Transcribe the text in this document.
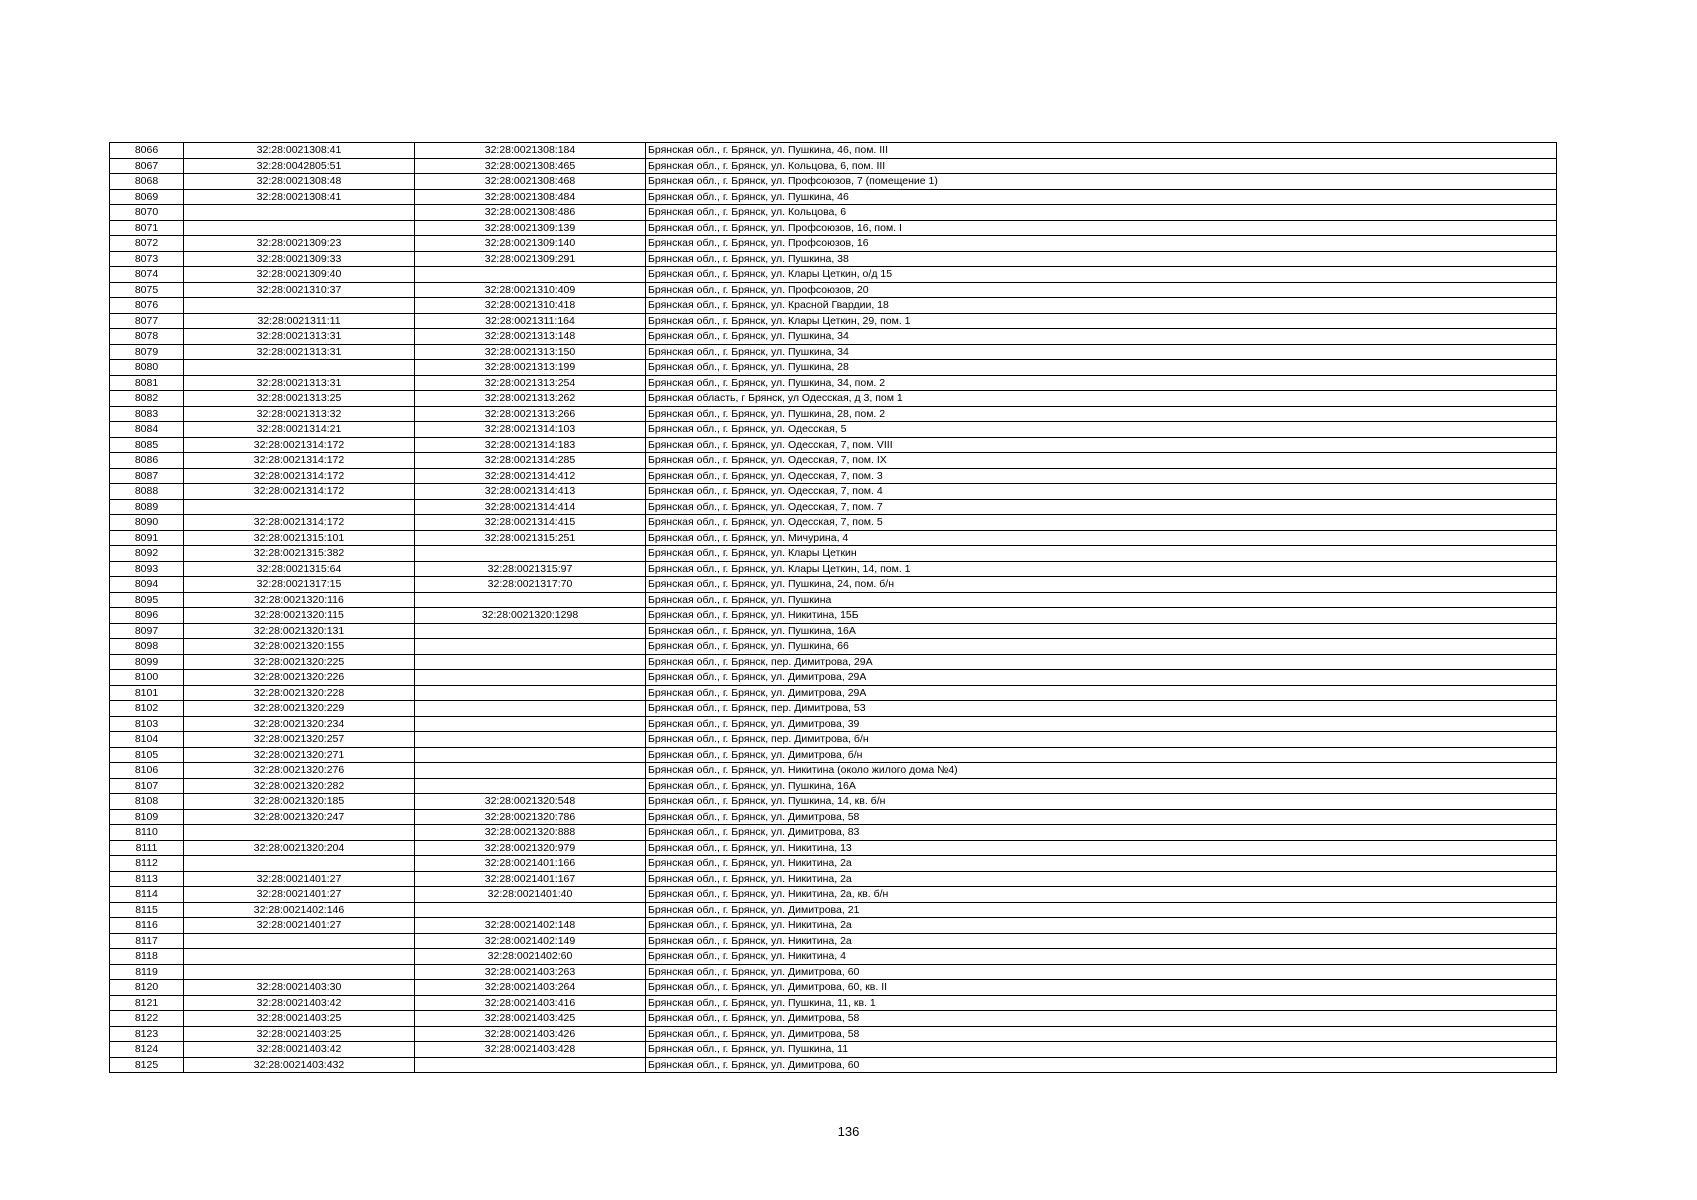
8066	32:28:0021308:41	32:28:0021308:184	Брянская обл., г. Брянск, ул. Пушкина, 46, пом. III
8067	32:28:0042805:51	32:28:0021308:465	Брянская обл., г. Брянск, ул. Кольцова, 6, пом. III
8068	32:28:0021308:48	32:28:0021308:468	Брянская обл., г. Брянск, ул. Профсоюзов, 7 (помещение 1)
8069	32:28:0021308:41	32:28:0021308:484	Брянская обл., г. Брянск, ул. Пушкина, 46
8070		32:28:0021308:486	Брянская обл., г. Брянск, ул. Кольцова, 6
8071		32:28:0021309:139	Брянская обл., г. Брянск, ул. Профсоюзов, 16, пом. I
8072	32:28:0021309:23	32:28:0021309:140	Брянская обл., г. Брянск, ул. Профсоюзов, 16
8073	32:28:0021309:33	32:28:0021309:291	Брянская обл., г. Брянск, ул. Пушкина, 38
8074	32:28:0021309:40		Брянская обл., г. Брянск, ул. Клары Цеткин, о/д 15
8075	32:28:0021310:37	32:28:0021310:409	Брянская обл., г. Брянск, ул. Профсоюзов, 20
8076		32:28:0021310:418	Брянская обл., г. Брянск, ул. Красной Гвардии, 18
8077	32:28:0021311:11	32:28:0021311:164	Брянская обл., г. Брянск, ул. Клары Цеткин, 29, пом. 1
8078	32:28:0021313:31	32:28:0021313:148	Брянская обл., г. Брянск, ул. Пушкина, 34
8079	32:28:0021313:31	32:28:0021313:150	Брянская обл., г. Брянск, ул. Пушкина, 34
8080		32:28:0021313:199	Брянская обл., г. Брянск, ул. Пушкина, 28
8081	32:28:0021313:31	32:28:0021313:254	Брянская обл., г. Брянск, ул. Пушкина, 34, пом. 2
8082	32:28:0021313:25	32:28:0021313:262	Брянская область, г Брянск, ул Одесская, д 3, пом 1
8083	32:28:0021313:32	32:28:0021313:266	Брянская обл., г. Брянск, ул. Пушкина, 28, пом. 2
8084	32:28:0021314:21	32:28:0021314:103	Брянская обл., г. Брянск, ул. Одесская, 5
8085	32:28:0021314:172	32:28:0021314:183	Брянская обл., г. Брянск, ул. Одесская, 7, пом. VIII
8086	32:28:0021314:172	32:28:0021314:285	Брянская обл., г. Брянск, ул. Одесская, 7, пом. IX
8087	32:28:0021314:172	32:28:0021314:412	Брянская обл., г. Брянск, ул. Одесская, 7, пом. 3
8088	32:28:0021314:172	32:28:0021314:413	Брянская обл., г. Брянск, ул. Одесская, 7, пом. 4
8089		32:28:0021314:414	Брянская обл., г. Брянск, ул. Одесская, 7, пом. 7
8090	32:28:0021314:172	32:28:0021314:415	Брянская обл., г. Брянск, ул. Одесская, 7, пом. 5
8091	32:28:0021315:101	32:28:0021315:251	Брянская обл., г. Брянск, ул. Мичурина, 4
8092	32:28:0021315:382		Брянская обл., г. Брянск, ул. Клары Цеткин
8093	32:28:0021315:64	32:28:0021315:97	Брянская обл., г. Брянск, ул. Клары Цеткин, 14, пом. 1
8094	32:28:0021317:15	32:28:0021317:70	Брянская обл., г. Брянск, ул. Пушкина, 24, пом. б/н
8095	32:28:0021320:116		Брянская обл., г. Брянск, ул. Пушкина
8096	32:28:0021320:115	32:28:0021320:1298	Брянская обл., г. Брянск, ул. Никитина, 15Б
8097	32:28:0021320:131		Брянская обл., г. Брянск, ул. Пушкина, 16А
8098	32:28:0021320:155		Брянская обл., г. Брянск, ул. Пушкина, 66
8099	32:28:0021320:225		Брянская обл., г. Брянск, пер. Димитрова, 29А
8100	32:28:0021320:226		Брянская обл., г. Брянск, ул. Димитрова, 29А
8101	32:28:0021320:228		Брянская обл., г. Брянск, ул. Димитрова, 29А
8102	32:28:0021320:229		Брянская обл., г. Брянск, пер. Димитрова, 53
8103	32:28:0021320:234		Брянская обл., г. Брянск, ул. Димитрова, 39
8104	32:28:0021320:257		Брянская обл., г. Брянск, пер. Димитрова, б/н
8105	32:28:0021320:271		Брянская обл., г. Брянск, ул. Димитрова, б/н
8106	32:28:0021320:276		Брянская обл., г. Брянск, ул. Никитина (около жилого дома №4)
8107	32:28:0021320:282		Брянская обл., г. Брянск, ул. Пушкина, 16А
8108	32:28:0021320:185	32:28:0021320:548	Брянская обл., г. Брянск, ул. Пушкина, 14, кв. б/н
8109	32:28:0021320:247	32:28:0021320:786	Брянская обл., г. Брянск, ул. Димитрова, 58
8110		32:28:0021320:888	Брянская обл., г. Брянск, ул. Димитрова, 83
8111	32:28:0021320:204	32:28:0021320:979	Брянская обл., г. Брянск, ул. Никитина, 13
8112		32:28:0021401:166	Брянская обл., г. Брянск, ул. Никитина, 2а
8113	32:28:0021401:27	32:28:0021401:167	Брянская обл., г. Брянск, ул. Никитина, 2а
8114	32:28:0021401:27	32:28:0021401:40	Брянская обл., г. Брянск, ул. Никитина, 2а, кв. б/н
8115	32:28:0021402:146		Брянская обл., г. Брянск, ул. Димитрова, 21
8116	32:28:0021401:27	32:28:0021402:148	Брянская обл., г. Брянск, ул. Никитина, 2а
8117		32:28:0021402:149	Брянская обл., г. Брянск, ул. Никитина, 2а
8118		32:28:0021402:60	Брянская обл., г. Брянск, ул. Никитина, 4
8119		32:28:0021403:263	Брянская обл., г. Брянск, ул. Димитрова, 60
8120	32:28:0021403:30	32:28:0021403:264	Брянская обл., г. Брянск, ул. Димитрова, 60, кв. II
8121	32:28:0021403:42	32:28:0021403:416	Брянская обл., г. Брянск, ул. Пушкина, 11, кв. 1
8122	32:28:0021403:25	32:28:0021403:425	Брянская обл., г. Брянск, ул. Димитрова, 58
8123	32:28:0021403:25	32:28:0021403:426	Брянская обл., г. Брянск, ул. Димитрова, 58
8124	32:28:0021403:42	32:28:0021403:428	Брянская обл., г. Брянск, ул. Пушкина, 11
8125	32:28:0021403:432		Брянская обл., г. Брянск, ул. Димитрова, 60
136
